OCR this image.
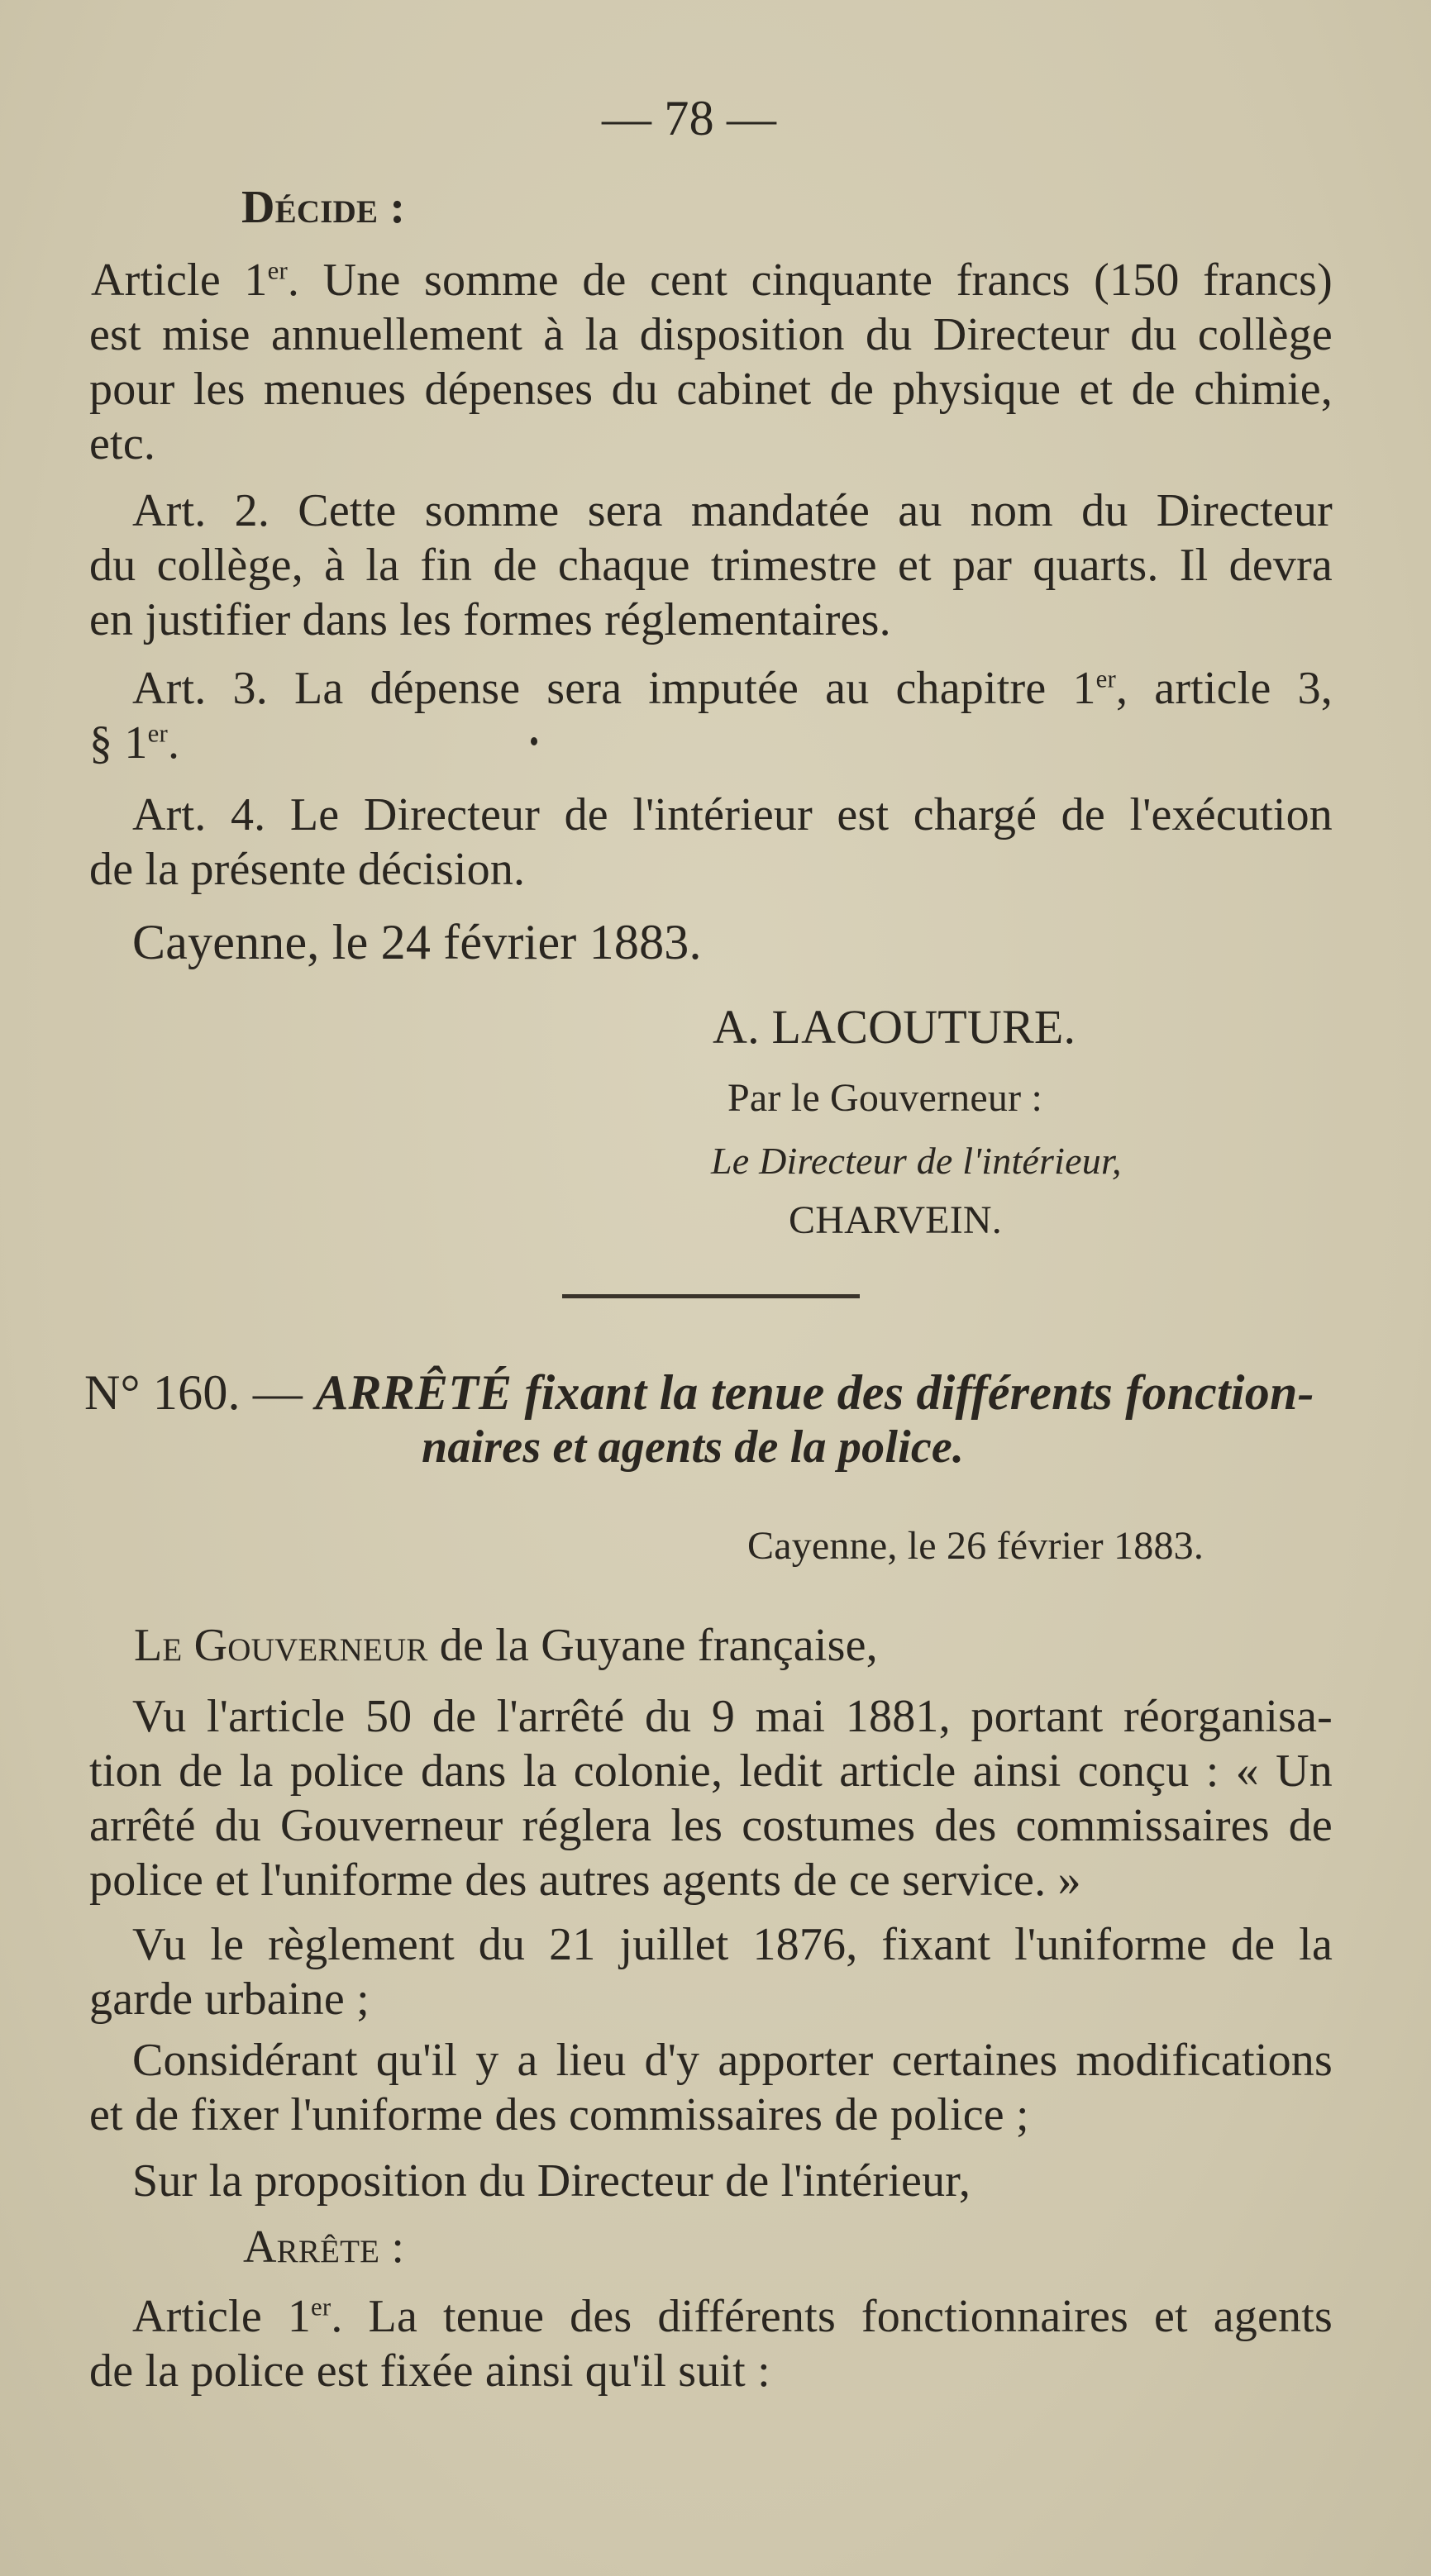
— 78 —
Décide :
Article 1er. Une somme de cent cinquante francs (150 francs)
est mise annuellement à la disposition du Directeur du collège
pour les menues dépenses du cabinet de physique et de chimie,
etc.
Art. 2. Cette somme sera mandatée au nom du Directeur
du collège, à la fin de chaque trimestre et par quarts. Il devra
en justifier dans les formes réglementaires.
Art. 3. La dépense sera imputée au chapitre 1er, article 3,
§ 1er.
Art. 4. Le Directeur de l'intérieur est chargé de l'exécution
de la présente décision.
Cayenne, le 24 février 1883.
A. LACOUTURE.
Par le Gouverneur :
Le Directeur de l'intérieur,
CHARVEIN.
N° 160. — ARRÊTÉ fixant la tenue des différents fonction-
naires et agents de la police.
Cayenne, le 26 février 1883.
Le Gouverneur de la Guyane française,
Vu l'article 50 de l'arrêté du 9 mai 1881, portant réorganisa-
tion de la police dans la colonie, ledit article ainsi conçu : « Un
arrêté du Gouverneur réglera les costumes des commissaires de
police et l'uniforme des autres agents de ce service. »
Vu le règlement du 21 juillet 1876, fixant l'uniforme de la
garde urbaine ;
Considérant qu'il y a lieu d'y apporter certaines modifications
et de fixer l'uniforme des commissaires de police ;
Sur la proposition du Directeur de l'intérieur,
Arrête :
Article 1er. La tenue des différents fonctionnaires et agents
de la police est fixée ainsi qu'il suit :
